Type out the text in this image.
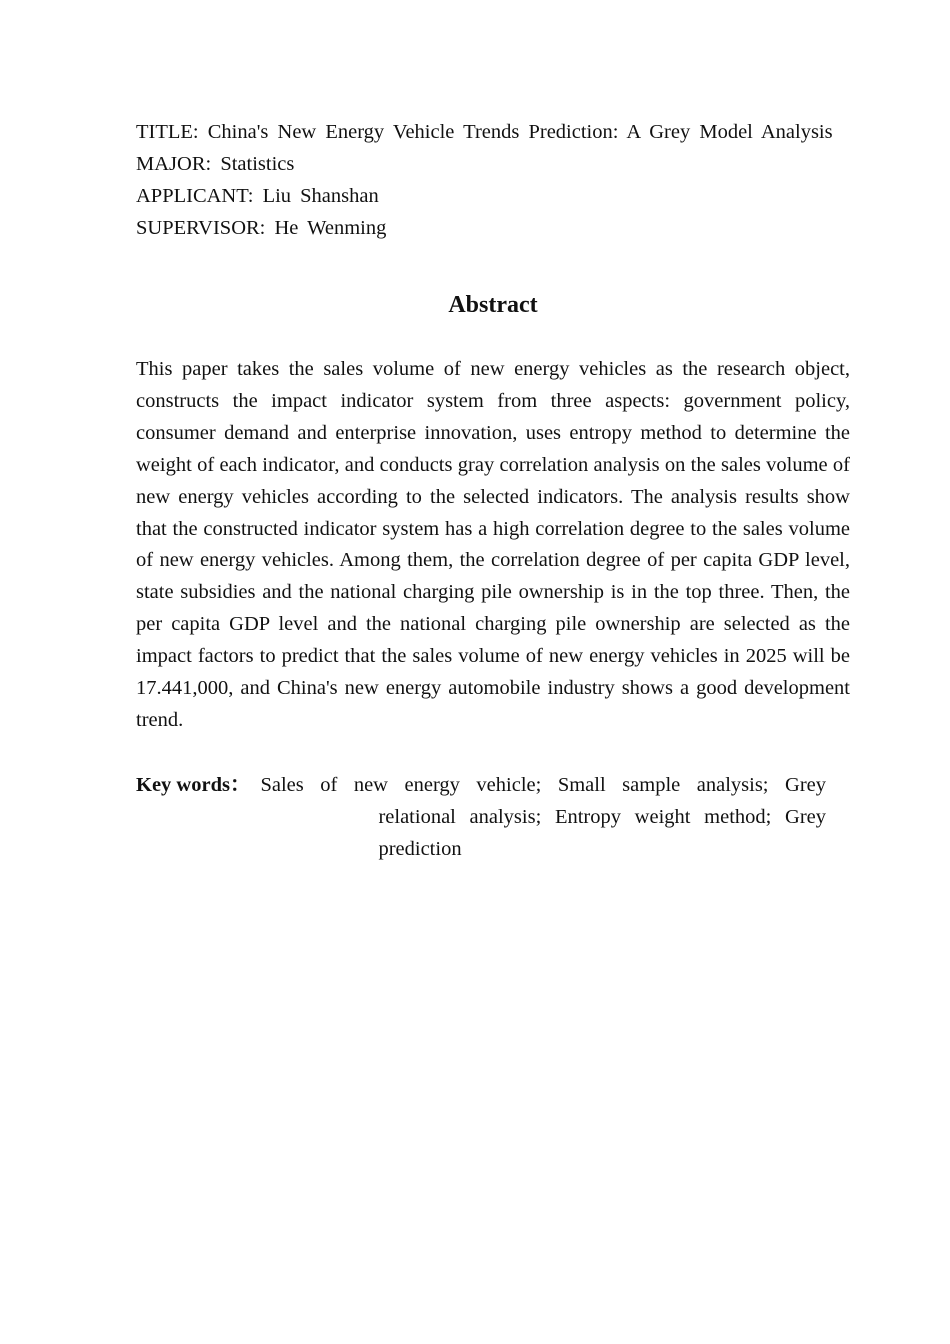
TITLE: China's New Energy Vehicle Trends Prediction: A Grey Model Analysis

MAJOR: Statistics

APPLICANT: Liu Shanshan

SUPERVISOR: He Wenming

Abstract

This paper takes the sales volume of new energy vehicles as the research object, constructs the impact indicator system from three aspects: government policy, consumer demand and enterprise innovation, uses entropy method to determine the weight of each indicator, and conducts gray correlation analysis on the sales volume of new energy vehicles according to the selected indicators. The analysis results show that the constructed indicator system has a high correlation degree to the sales volume of new energy vehicles. Among them, the correlation degree of per capita GDP level, state subsidies and the national charging pile ownership is in the top three. Then, the per capita GDP level and the national charging pile ownership are selected as the impact factors to predict that the sales volume of new energy vehicles in 2025 will be 17.441,000, and China's new energy automobile industry shows a good development trend.

Key words： Sales of new energy vehicle; Small sample analysis; Grey relational analysis; Entropy weight method; Grey prediction
